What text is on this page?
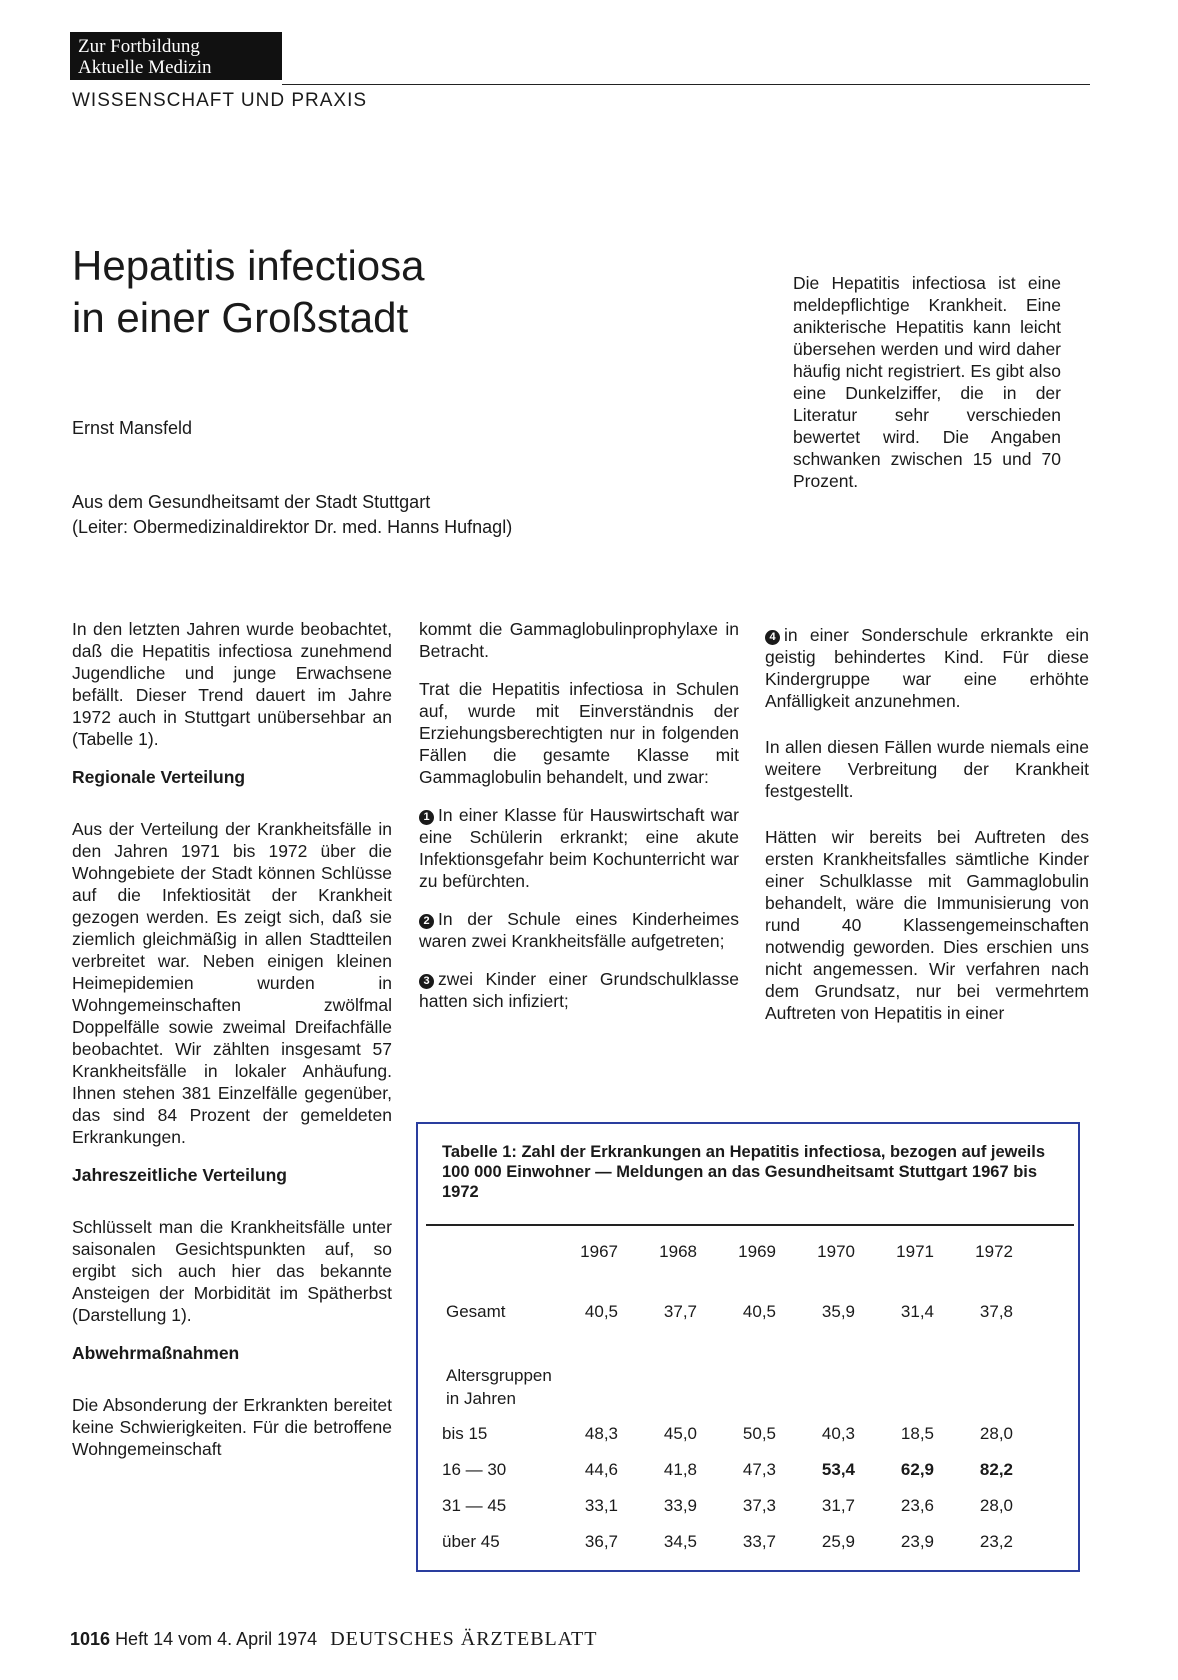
Zur Fortbildung
Aktuelle Medizin
WISSENSCHAFT UND PRAXIS
Hepatitis infectiosa
in einer Großstadt
Ernst Mansfeld
Aus dem Gesundheitsamt der Stadt Stuttgart
(Leiter: Obermedizinaldirektor Dr. med. Hanns Hufnagl)
Die Hepatitis infectiosa ist eine meldepflichtige Krankheit. Eine anikterische Hepatitis kann leicht übersehen werden und wird daher häufig nicht registriert. Es gibt also eine Dunkelziffer, die in der Literatur sehr verschieden bewertet wird. Die Angaben schwanken zwischen 15 und 70 Prozent.

In den letzten Jahren wurde beobachtet, daß die Hepatitis infectiosa zunehmend Jugendliche und junge Erwachsene befällt. Dieser Trend dauert im Jahre 1972 auch in Stuttgart unübersehbar an (Tabelle 1).

Regionale Verteilung

Aus der Verteilung der Krankheitsfälle in den Jahren 1971 bis 1972 über die Wohngebiete der Stadt können Schlüsse auf die Infektiosität der Krankheit gezogen werden. Es zeigt sich, daß sie ziemlich gleichmäßig in allen Stadtteilen verbreitet war. Neben einigen kleinen Heimepidemien wurden in Wohngemeinschaften zwölfmal Doppelfälle sowie zweimal Dreifachfälle beobachtet. Wir zählten insgesamt 57 Krankheitsfälle in lokaler Anhäufung. Ihnen stehen 381 Einzelfälle gegenüber, das sind 84 Prozent der gemeldeten Erkrankungen.

Jahreszeitliche Verteilung

Schlüsselt man die Krankheitsfälle unter saisonalen Gesichtspunkten auf, so ergibt sich auch hier das bekannte Ansteigen der Morbidität im Spätherbst (Darstellung 1).

Abwehrmaßnahmen

Die Absonderung der Erkrankten bereitet keine Schwierigkeiten. Für die betroffene Wohngemeinschaft

kommt die Gammaglobulinprophylaxe in Betracht.

Trat die Hepatitis infectiosa in Schulen auf, wurde mit Einverständnis der Erziehungsberechtigten nur in folgenden Fällen die gesamte Klasse mit Gammaglobulin behandelt, und zwar:

1 In einer Klasse für Hauswirtschaft war eine Schülerin erkrankt; eine akute Infektionsgefahr beim Kochunterricht war zu befürchten.

2 In der Schule eines Kinderheimes waren zwei Krankheitsfälle aufgetreten;

3 zwei Kinder einer Grundschulklasse hatten sich infiziert;

4 in einer Sonderschule erkrankte ein geistig behindertes Kind. Für diese Kindergruppe war eine erhöhte Anfälligkeit anzunehmen.

In allen diesen Fällen wurde niemals eine weitere Verbreitung der Krankheit festgestellt.

Hätten wir bereits bei Auftreten des ersten Krankheitsfalles sämtliche Kinder einer Schulklasse mit Gammaglobulin behandelt, wäre die Immunisierung von rund 40 Klassengemeinschaften notwendig geworden. Dies erschien uns nicht angemessen. Wir verfahren nach dem Grundsatz, nur bei vermehrtem Auftreten von Hepatitis in einer

Tabelle 1: Zahl der Erkrankungen an Hepatitis infectiosa, bezogen auf jeweils 100 000 Einwohner — Meldungen an das Gesundheitsamt Stuttgart 1967 bis 1972
1967	1968	1969	1970	1971	1972
Gesamt	40,5	37,7	40,5	35,9	31,4	37,8
Altersgruppen
in Jahren
bis 15	48,3	45,0	50,5	40,3	18,5	28,0
16 — 30	44,6	41,8	47,3	53,4	62,9	82,2
31 — 45	33,1	33,9	37,3	31,7	23,6	28,0
über 45	36,7	34,5	33,7	25,9	23,9	23,2
1016 Heft 14 vom 4. April 1974 DEUTSCHES ÄRZTEBLATT
